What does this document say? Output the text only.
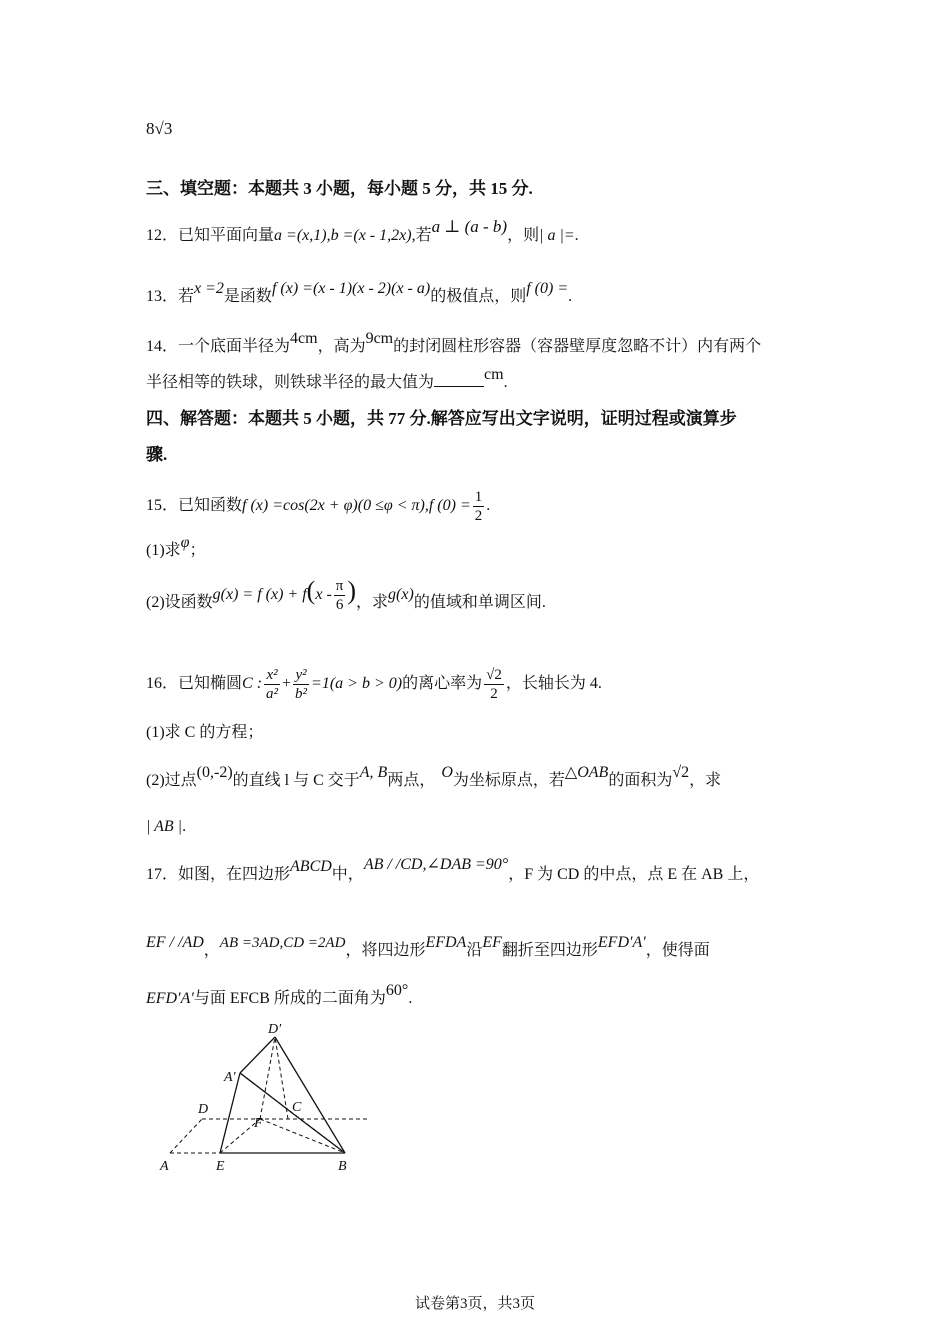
8√3
三、填空题：本题共 3 小题，每小题 5 分，共 15 分.
12．已知平面向量a =(x,1),b =(x - 1,2x),若a ⊥ (a - b)，则| a |=.
13．若x =2是函数f (x) =(x - 1)(x - 2)(x - a)的极值点，则f (0) =.
14．一个底面半径为4cm，高为9cm的封闭圆柱形容器（容器壁厚度忽略不计）内有两个
半径相等的铁球，则铁球半径的最大值为	cm.
四、解答题：本题共 5 小题，共 77 分.解答应写出文字说明，证明过程或演算步
骤.
15．已知函数f (x) =cos(2x + φ)(0 ≤φ < π),f $(0) = \frac{1}{2}$ .
(1)求φ；
(2)设函数g(x) = f $(x) + f(x - \frac{\pi}{6}$ )，求g(x)的值域和单调区间.
16．已知椭圆C : $\frac{\text{x²}}{\text{a²}} + \frac{\text{y²}}{\text{b²}} =1(a > b > 0)$的离心率为 $\frac{√2}{2}$ ，长轴长为 4.
(1)求 C 的方程；
(2)过点(0,-2)的直线 l 与 C 交于A, B两点， O为坐标原点，若△OAB的面积为√2，求
| AB |.
17．如图，在四边形ABCD中，AB / /CD,∠DAB =90°，F 为 CD 的中点，点 E 在 AB 上，
EF / /AD，AB =3AD,CD =2AD，将四边形EFDA沿EF翻折至四边形EFD′A′，使得面
EFD′A′与面 EFCB 所成的二面角为60°.
D′
A′
D	C
F
A	E	B
试卷第3页，共3页
